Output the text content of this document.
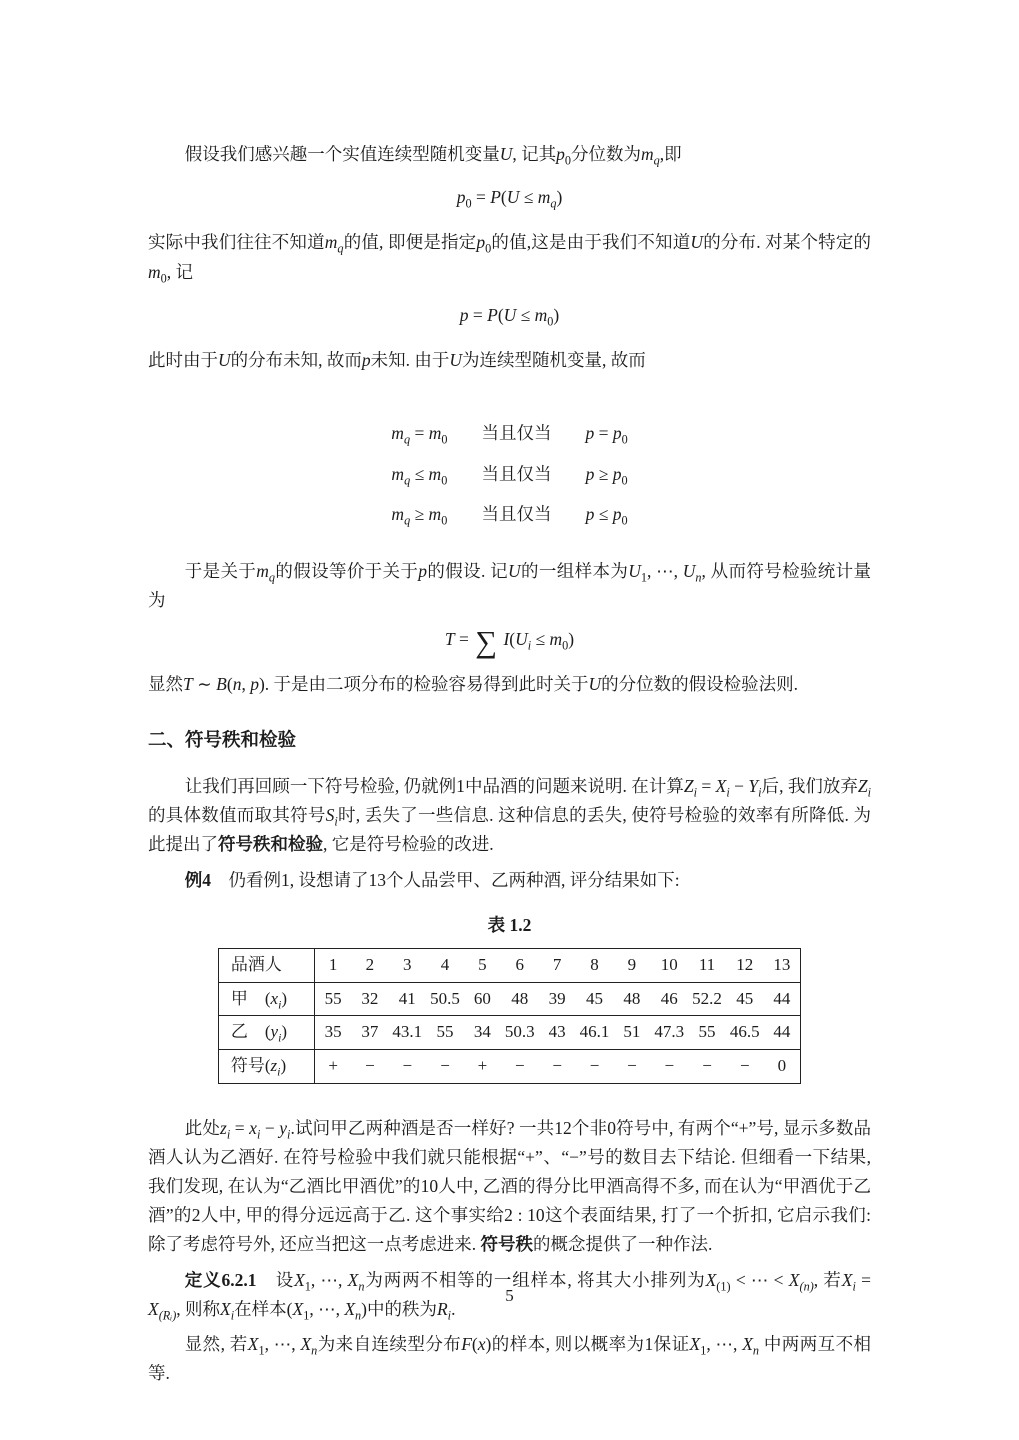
假设我们感兴趣一个实值连续型随机变量U, 记其$p_0$分位数为$m_q$,即

$p_0 = P(U \le m_q)$

实际中我们往往不知道$m_q$的值, 即便是指定$p_0$的值,这是由于我们不知道U的分布. 对某个特定的$m_0$, 记

$p = P(U \le m_0)$

此时由于U的分布未知, 故而p未知. 由于U为连续型随机变量, 故而

$m_q = m_0$ 当且仅当 $p = p_0$
$m_q \le m_0$ 当且仅当 $p \ge p_0$
$m_q \ge m_0$ 当且仅当 $p \le p_0$

于是关于$m_q$的假设等价于关于p的假设. 记U的一组样本为$U_1$, ⋯, $U_n$, 从而符号检验统计量为

T = ∑ $I(U_i \le m_0)$

显然T ∼ B(n, p). 于是由二项分布的检验容易得到此时关于U的分位数的假设检验法则.

二、符号秩和检验

让我们再回顾一下符号检验, 仍就例1中品酒的问题来说明. 在计算$Z_i = X_i - Y_i$后, 我们放弃$Z_i$的具体数值而取其符号$S_i$时, 丢失了一些信息. 这种信息的丢失, 使符号检验的效率有所降低. 为此提出了符号秩和检验, 它是符号检验的改进.

例4　仍看例1, 设想请了13个人品尝甲、乙两种酒, 评分结果如下:

表 1.2
品酒人	1	2	3	4	5	6	7	8	9	10	11	12	13
甲　$(x_i)$	55	32	41	50.5	60	48	39	45	48	46	52.2	45	44
乙　$(y_i)$	35	37	43.1	55	34	50.3	43	46.1	51	47.3	55	46.5	44
符号$(z_i)$	+	−	−	−	+	−	−	−	−	−	−	−	0

此处$z_i = x_i - y_i$.试问甲乙两种酒是否一样好? 一共12个非0符号中, 有两个“+”号, 显示多数品酒人认为乙酒好. 在符号检验中我们就只能根据“+”、“−”号的数目去下结论. 但细看一下结果, 我们发现, 在认为“乙酒比甲酒优”的10人中, 乙酒的得分比甲酒高得不多, 而在认为“甲酒优于乙酒”的2人中, 甲的得分远远高于乙. 这个事实给2 : 10这个表面结果, 打了一个折扣, 它启示我们: 除了考虑符号外, 还应当把这一点考虑进来. 符号秩的概念提供了一种作法.

定义6.2.1　设$X_1$, ⋯, $X_n$为两两不相等的一组样本, 将其大小排列为$X_{(1)}$ < ⋯ < $X_{(n)}$, 若$X_i = X_{(Rᵢ)}$, 则称$X_i$在样本($X_1$, ⋯, $X_n$)中的秩为$R_i$.

显然, 若$X_1$, ⋯, $X_n$为来自连续型分布F(x)的样本, 则以概率为1保证$X_1$, ⋯, $X_n$ 中两两互不相等.

5
